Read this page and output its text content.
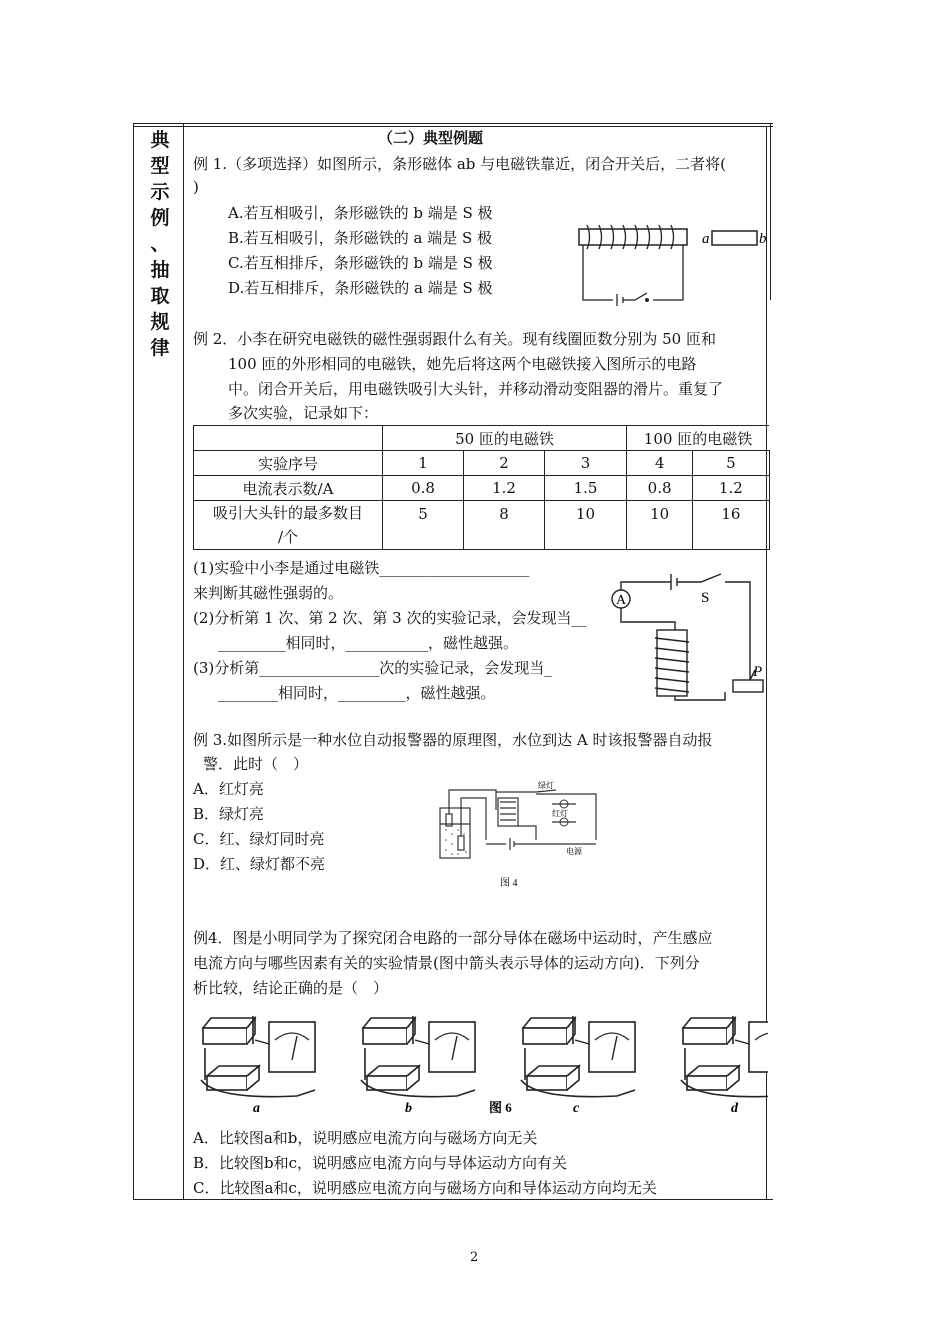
典
型
示
例
、
抽
取
规
律
（二）典型例题
例 1.（多项选择）如图所示，条形磁体 ab 与电磁铁靠近，闭合开关后，二者将(
)
A.若互相吸引，条形磁铁的 b 端是 S 极
B.若互相吸引，条形磁铁的 a 端是 S 极
C.若互相排斥，条形磁铁的 b 端是 S 极
D.若互相排斥，条形磁铁的 a 端是 S 极
a	b
例 2．小李在研究电磁铁的磁性强弱跟什么有关。现有线圈匝数分别为 50 匝和
100 匝的外形相同的电磁铁，她先后将这两个电磁铁接入图所示的电路
中。闭合开关后，用电磁铁吸引大头针，并移动滑动变阻器的滑片。重复了
多次实验，记录如下：
	50 匝的电磁铁			100 匝的电磁铁	
实验序号	1	2	3	4	5
电流表示数/A	0.8	1.2	1.5	0.8	1.2
吸引大头针的最多数目
/个	5	8	10	10	16
(1)实验中小李是通过电磁铁____________________
来判断其磁性强弱的。
(2)分析第 1 次、第 2 次、第 3 次的实验记录，会发现当__
_________相同时，___________，磁性越强。
(3)分析第________________次的实验记录，会发现当_
________相同时，_________，磁性越强。
A	S
P
例 3.如图所示是一种水位自动报警器的原理图，水位到达 A 时该报警器自动报
警．此时（　）
A．红灯亮
B．绿灯亮
C．红、绿灯同时亮
D．红、绿灯都不亮
绿灯
红灯
电源
图 4
例4．图是小明同学为了探究闭合电路的一部分导体在磁场中运动时，产生感应
电流方向与哪些因素有关的实验情景(图中箭头表示导体的运动方向)．下列分
析比较，结论正确的是（　）
a	b	图 6	c	d
A．比较图a和b，说明感应电流方向与磁场方向无关
B．比较图b和c，说明感应电流方向与导体运动方向有关
C．比较图a和c，说明感应电流方向与磁场方向和导体运动方向均无关
2
